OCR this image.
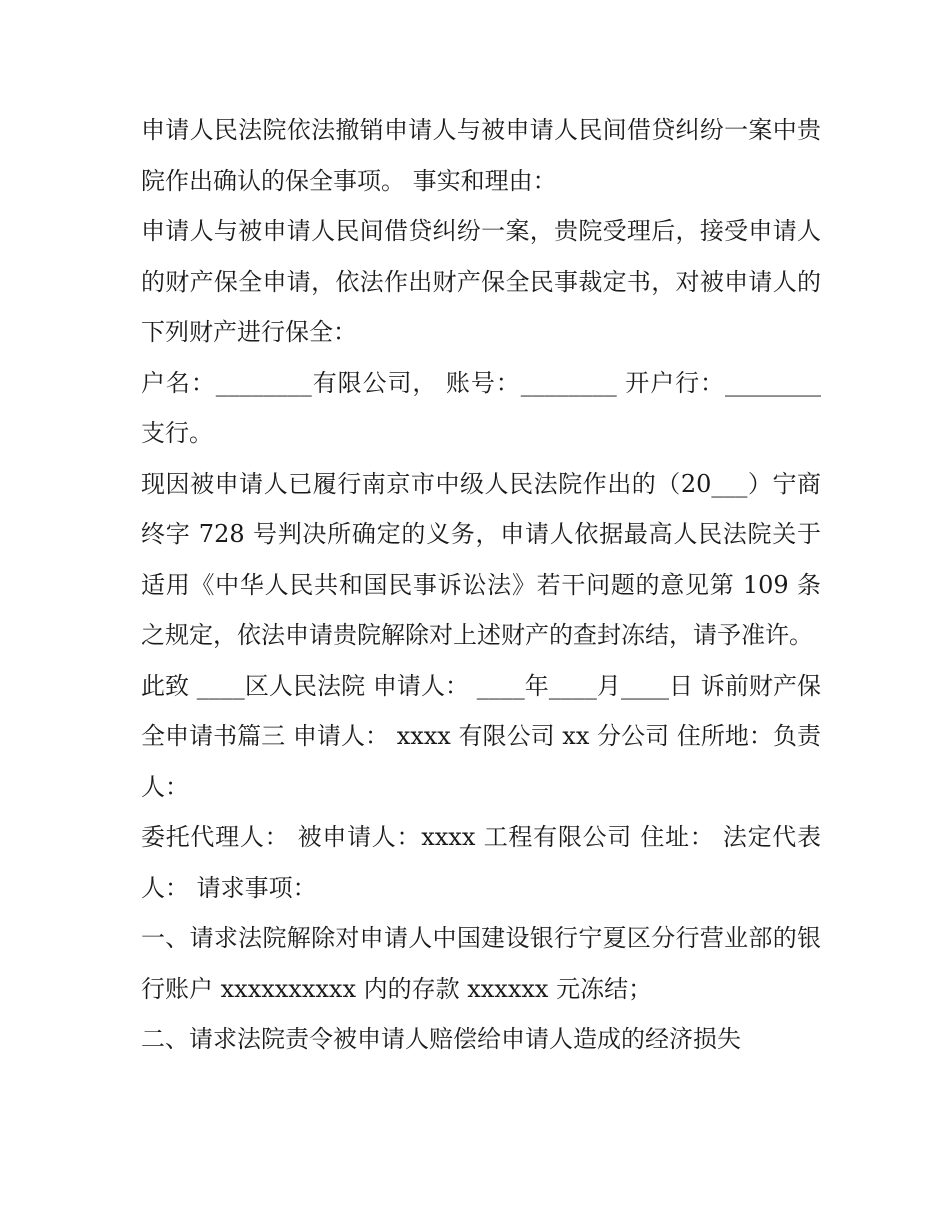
申请人民法院依法撤销申请人与被申请人民间借贷纠纷一案中贵院作出确认的保全事项。 事实和理由：

申请人与被申请人民间借贷纠纷一案，贵院受理后，接受申请人的财产保全申请，依法作出财产保全民事裁定书，对被申请人的下列财产进行保全：

户名：________有限公司， 账号：________ 开户行：________ 支行。

现因被申请人已履行南京市中级人民法院作出的（20___）宁商终字 728 号判决所确定的义务，申请人依据最高人民法院关于适用《中华人民共和国民事诉讼法》若干问题的意见第 109 条之规定，依法申请贵院解除对上述财产的查封冻结，请予准许。

此致 ____区人民法院 申请人： ____年____月____日 诉前财产保全申请书篇三 申请人： xxxx 有限公司 xx 分公司 住所地：负责人：

委托代理人： 被申请人：xxxx 工程有限公司 住址： 法定代表人： 请求事项：

一、请求法院解除对申请人中国建设银行宁夏区分行营业部的银行账户 xxxxxxxxxx 内的存款 xxxxxx 元冻结；

二、请求法院责令被申请人赔偿给申请人造成的经济损失
